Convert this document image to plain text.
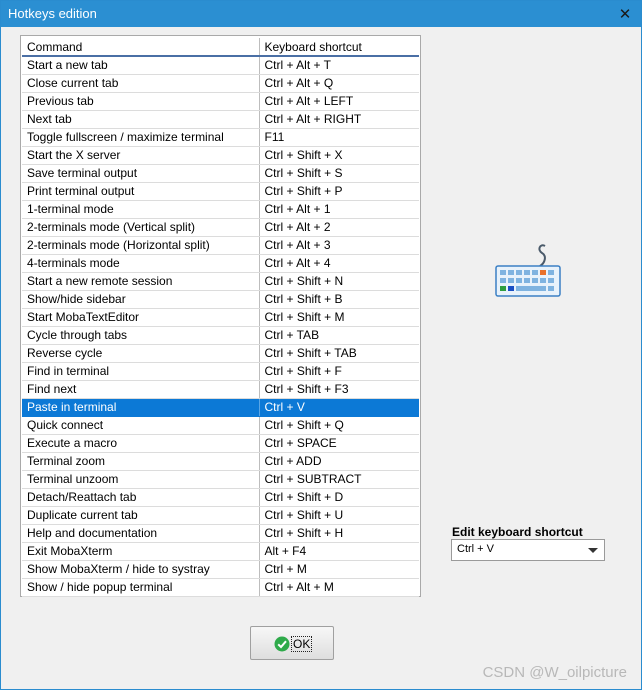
Hotkeys edition	✕
Command	Keyboard shortcut
Start a new tab	Ctrl + Alt + T
Close current tab	Ctrl + Alt + Q
Previous tab	Ctrl + Alt + LEFT
Next tab	Ctrl + Alt + RIGHT
Toggle fullscreen / maximize terminal	F11
Start the X server	Ctrl + Shift + X
Save terminal output	Ctrl + Shift + S
Print terminal output	Ctrl + Shift + P
1-terminal mode	Ctrl + Alt + 1
2-terminals mode (Vertical split)	Ctrl + Alt + 2
2-terminals mode (Horizontal split)	Ctrl + Alt + 3
4-terminals mode	Ctrl + Alt + 4
Start a new remote session	Ctrl + Shift + N
Show/hide sidebar	Ctrl + Shift + B
Start MobaTextEditor	Ctrl + Shift + M
Cycle through tabs	Ctrl + TAB
Reverse cycle	Ctrl + Shift + TAB
Find in terminal	Ctrl + Shift + F
Find next	Ctrl + Shift + F3
Paste in terminal	Ctrl + V
Quick connect	Ctrl + Shift + Q
Execute a macro	Ctrl + SPACE
Terminal zoom	Ctrl + ADD
Terminal unzoom	Ctrl + SUBTRACT
Detach/Reattach tab	Ctrl + Shift + D
Duplicate current tab	Ctrl + Shift + U
Help and documentation	Ctrl + Shift + H
Exit MobaXterm	Alt + F4
Show MobaXterm / hide to systray	Ctrl + M
Show / hide popup terminal	Ctrl + Alt + M
Edit keyboard shortcut
Ctrl + V
OK
CSDN @W_oilpicture
